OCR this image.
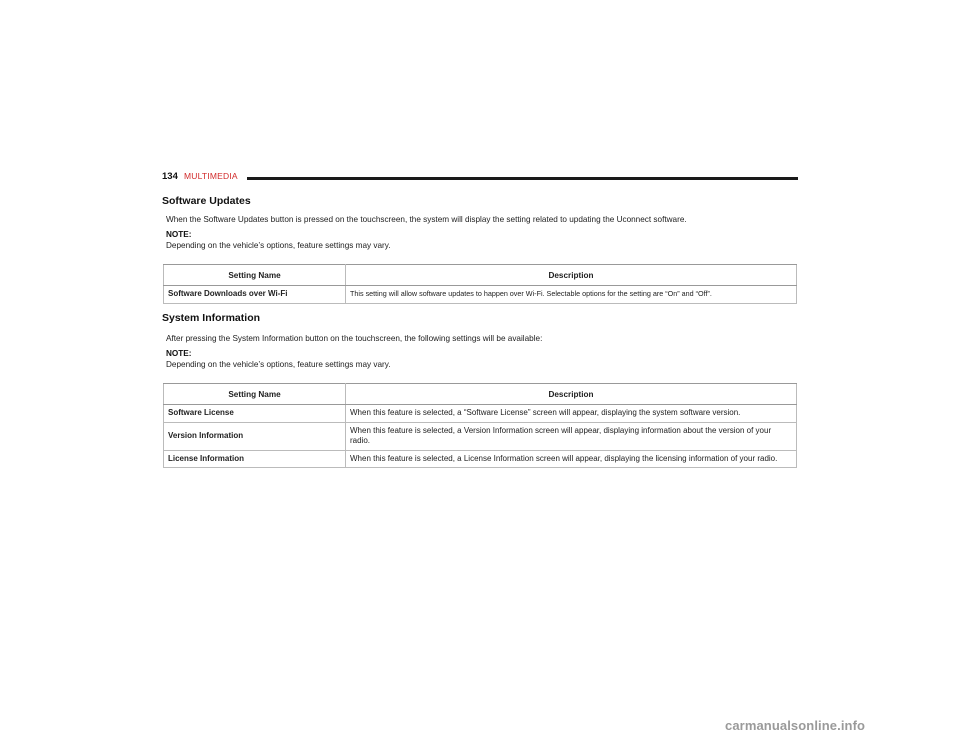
134 MULTIMEDIA
Software Updates
When the Software Updates button is pressed on the touchscreen, the system will display the setting related to updating the Uconnect software.
NOTE:
Depending on the vehicle’s options, feature settings may vary.
Setting Name	Description
Software Downloads over Wi-Fi	This setting will allow software updates to happen over Wi-Fi. Selectable options for the setting are “On” and “Off”.
System Information
After pressing the System Information button on the touchscreen, the following settings will be available:
NOTE:
Depending on the vehicle’s options, feature settings may vary.
Setting Name	Description
Software License	When this feature is selected, a “Software License” screen will appear, displaying the system software version.
Version Information	When this feature is selected, a Version Information screen will appear, displaying information about the version of your radio.
License Information	When this feature is selected, a License Information screen will appear, displaying the licensing information of your radio.
carmanualsonline.info
